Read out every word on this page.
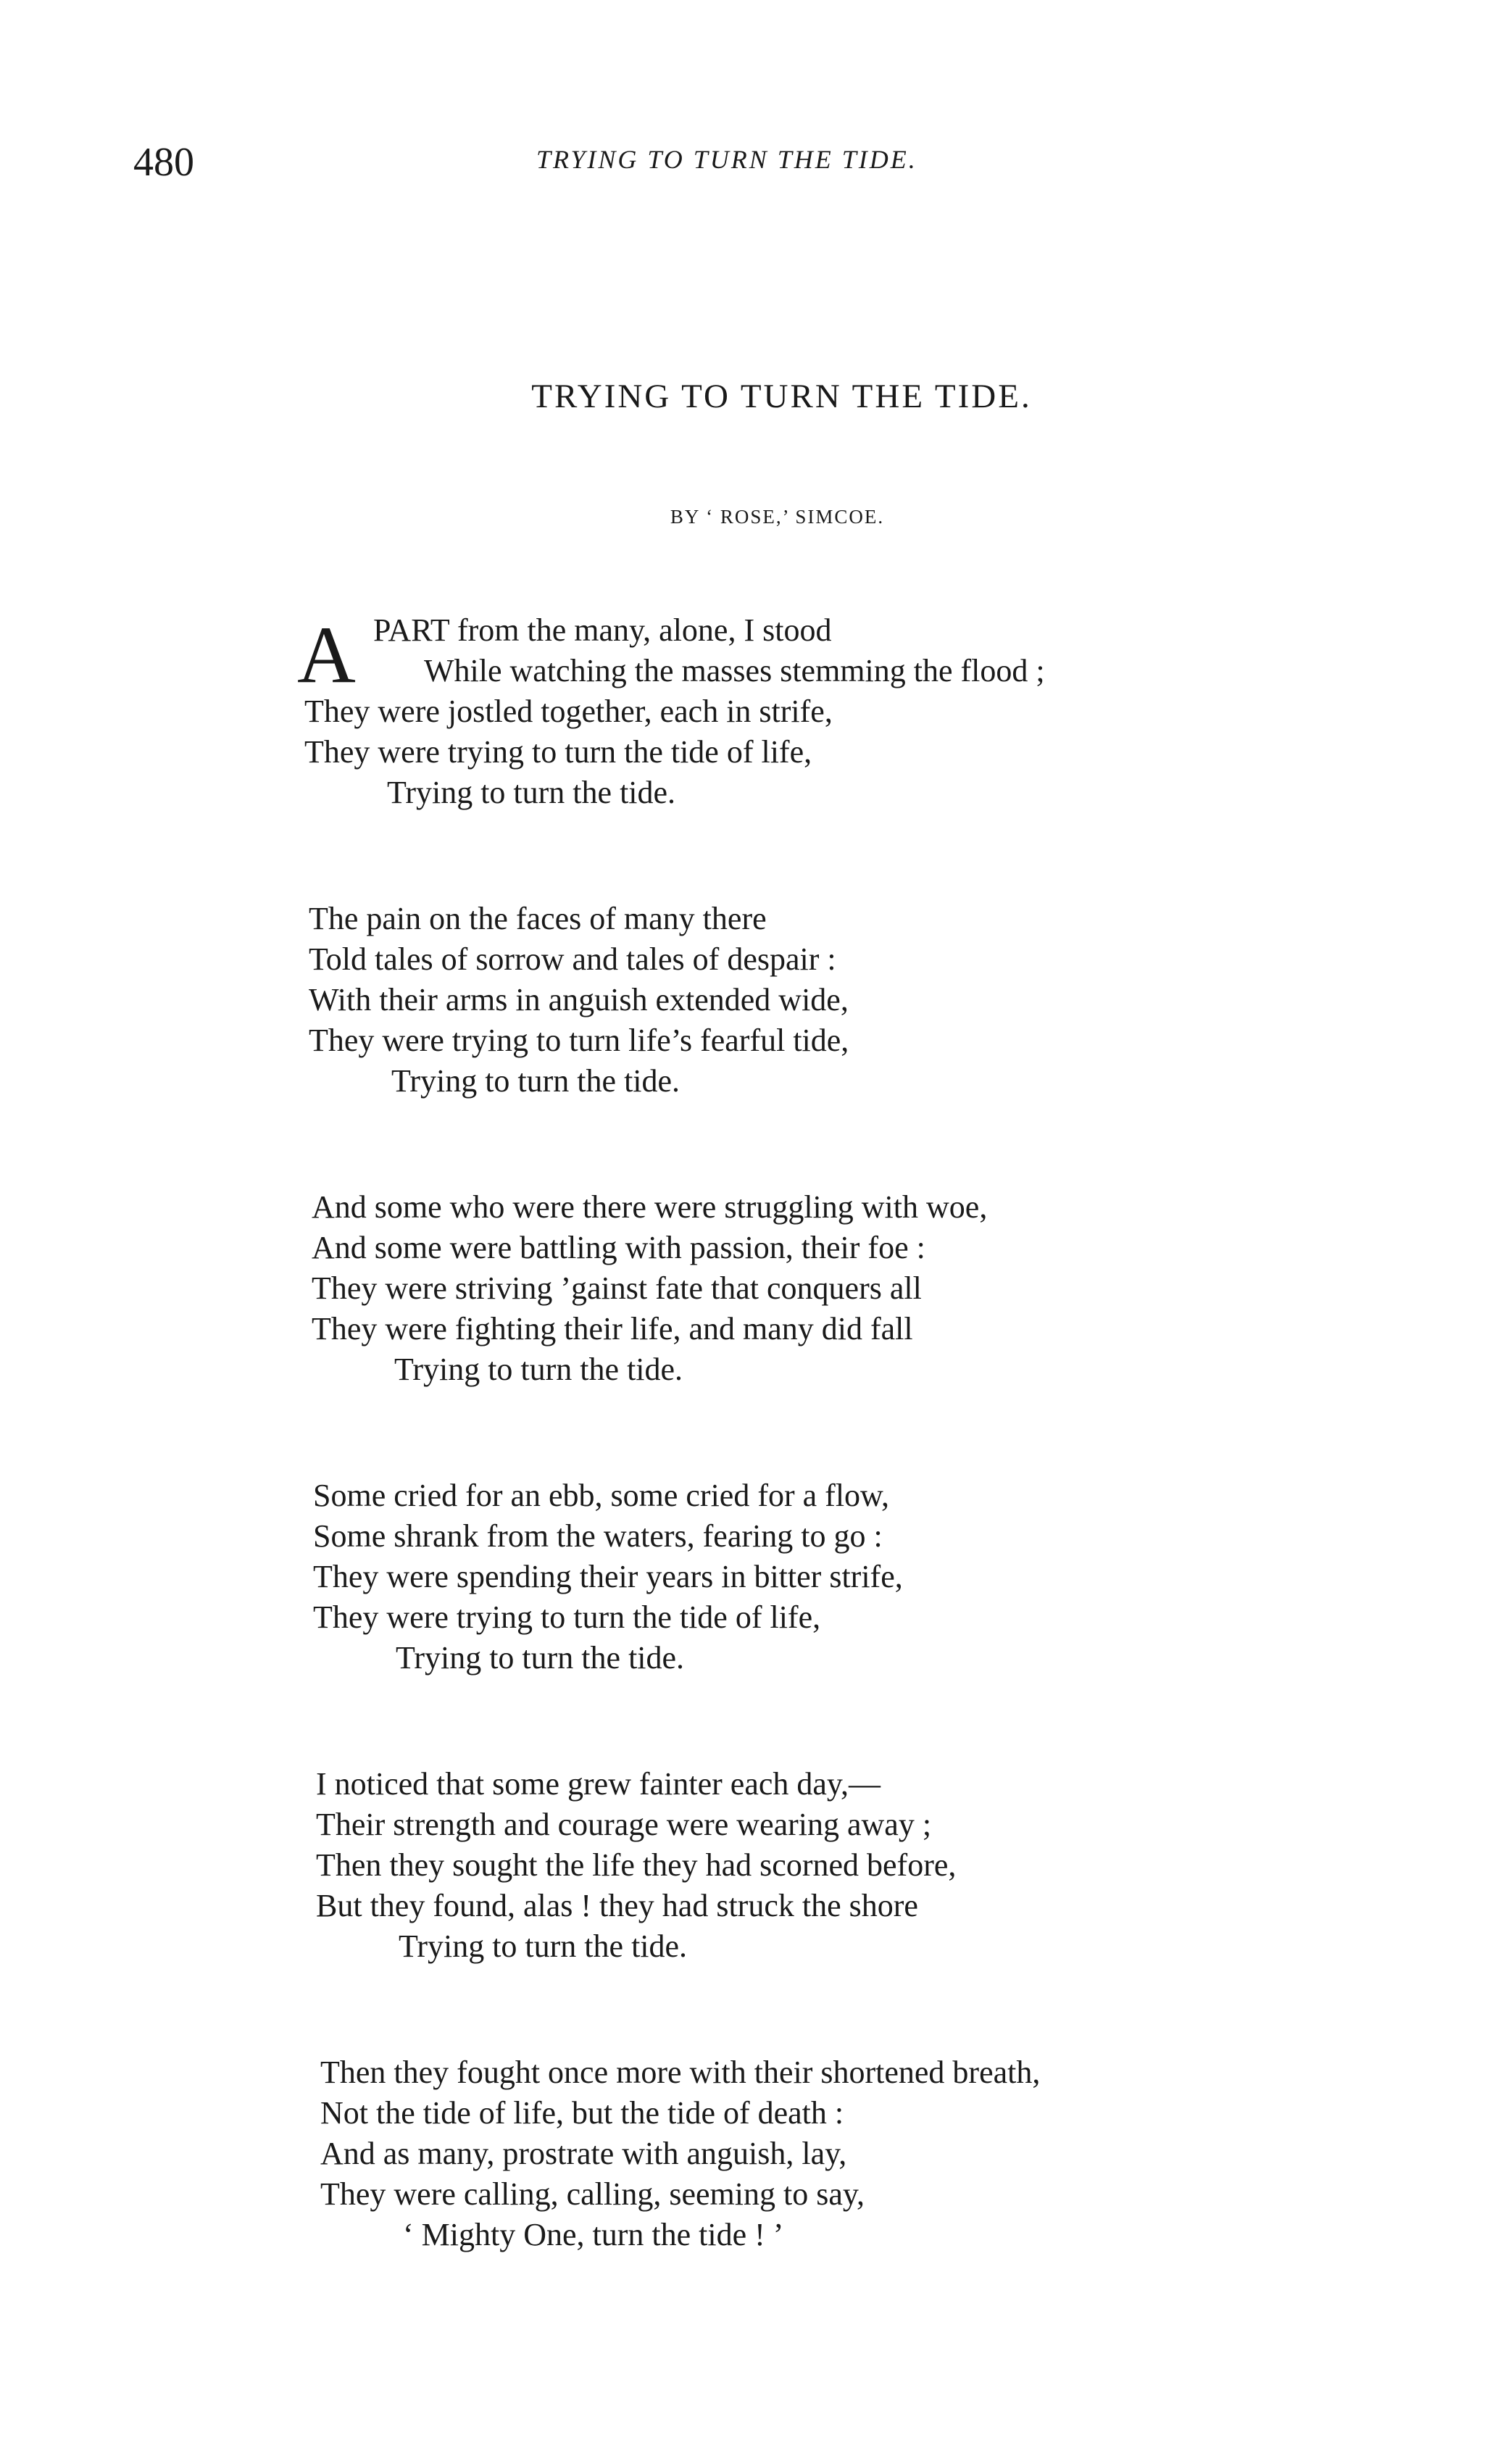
480	TRYING TO TURN THE TIDE.
TRYING TO TURN THE TIDE.
BY ‘ ROSE,’ SIMCOE.
A PART from the many, alone, I stood
While watching the masses stemming the flood ;
They were jostled together, each in strife,
They were trying to turn the tide of life,
Trying to turn the tide.
The pain on the faces of many there
Told tales of sorrow and tales of despair :
With their arms in anguish extended wide,
They were trying to turn life’s fearful tide,
Trying to turn the tide.
And some who were there were struggling with woe,
And some were battling with passion, their foe :
They were striving ’gainst fate that conquers all
They were fighting their life, and many did fall
Trying to turn the tide.
Some cried for an ebb, some cried for a flow,
Some shrank from the waters, fearing to go :
They were spending their years in bitter strife,
They were trying to turn the tide of life,
Trying to turn the tide.
I noticed that some grew fainter each day,—
Their strength and courage were wearing away ;
Then they sought the life they had scorned before,
But they found, alas ! they had struck the shore
Trying to turn the tide.
Then they fought once more with their shortened breath,
Not the tide of life, but the tide of death :
And as many, prostrate with anguish, lay,
They were calling, calling, seeming to say,
‘ Mighty One, turn the tide ! ’
